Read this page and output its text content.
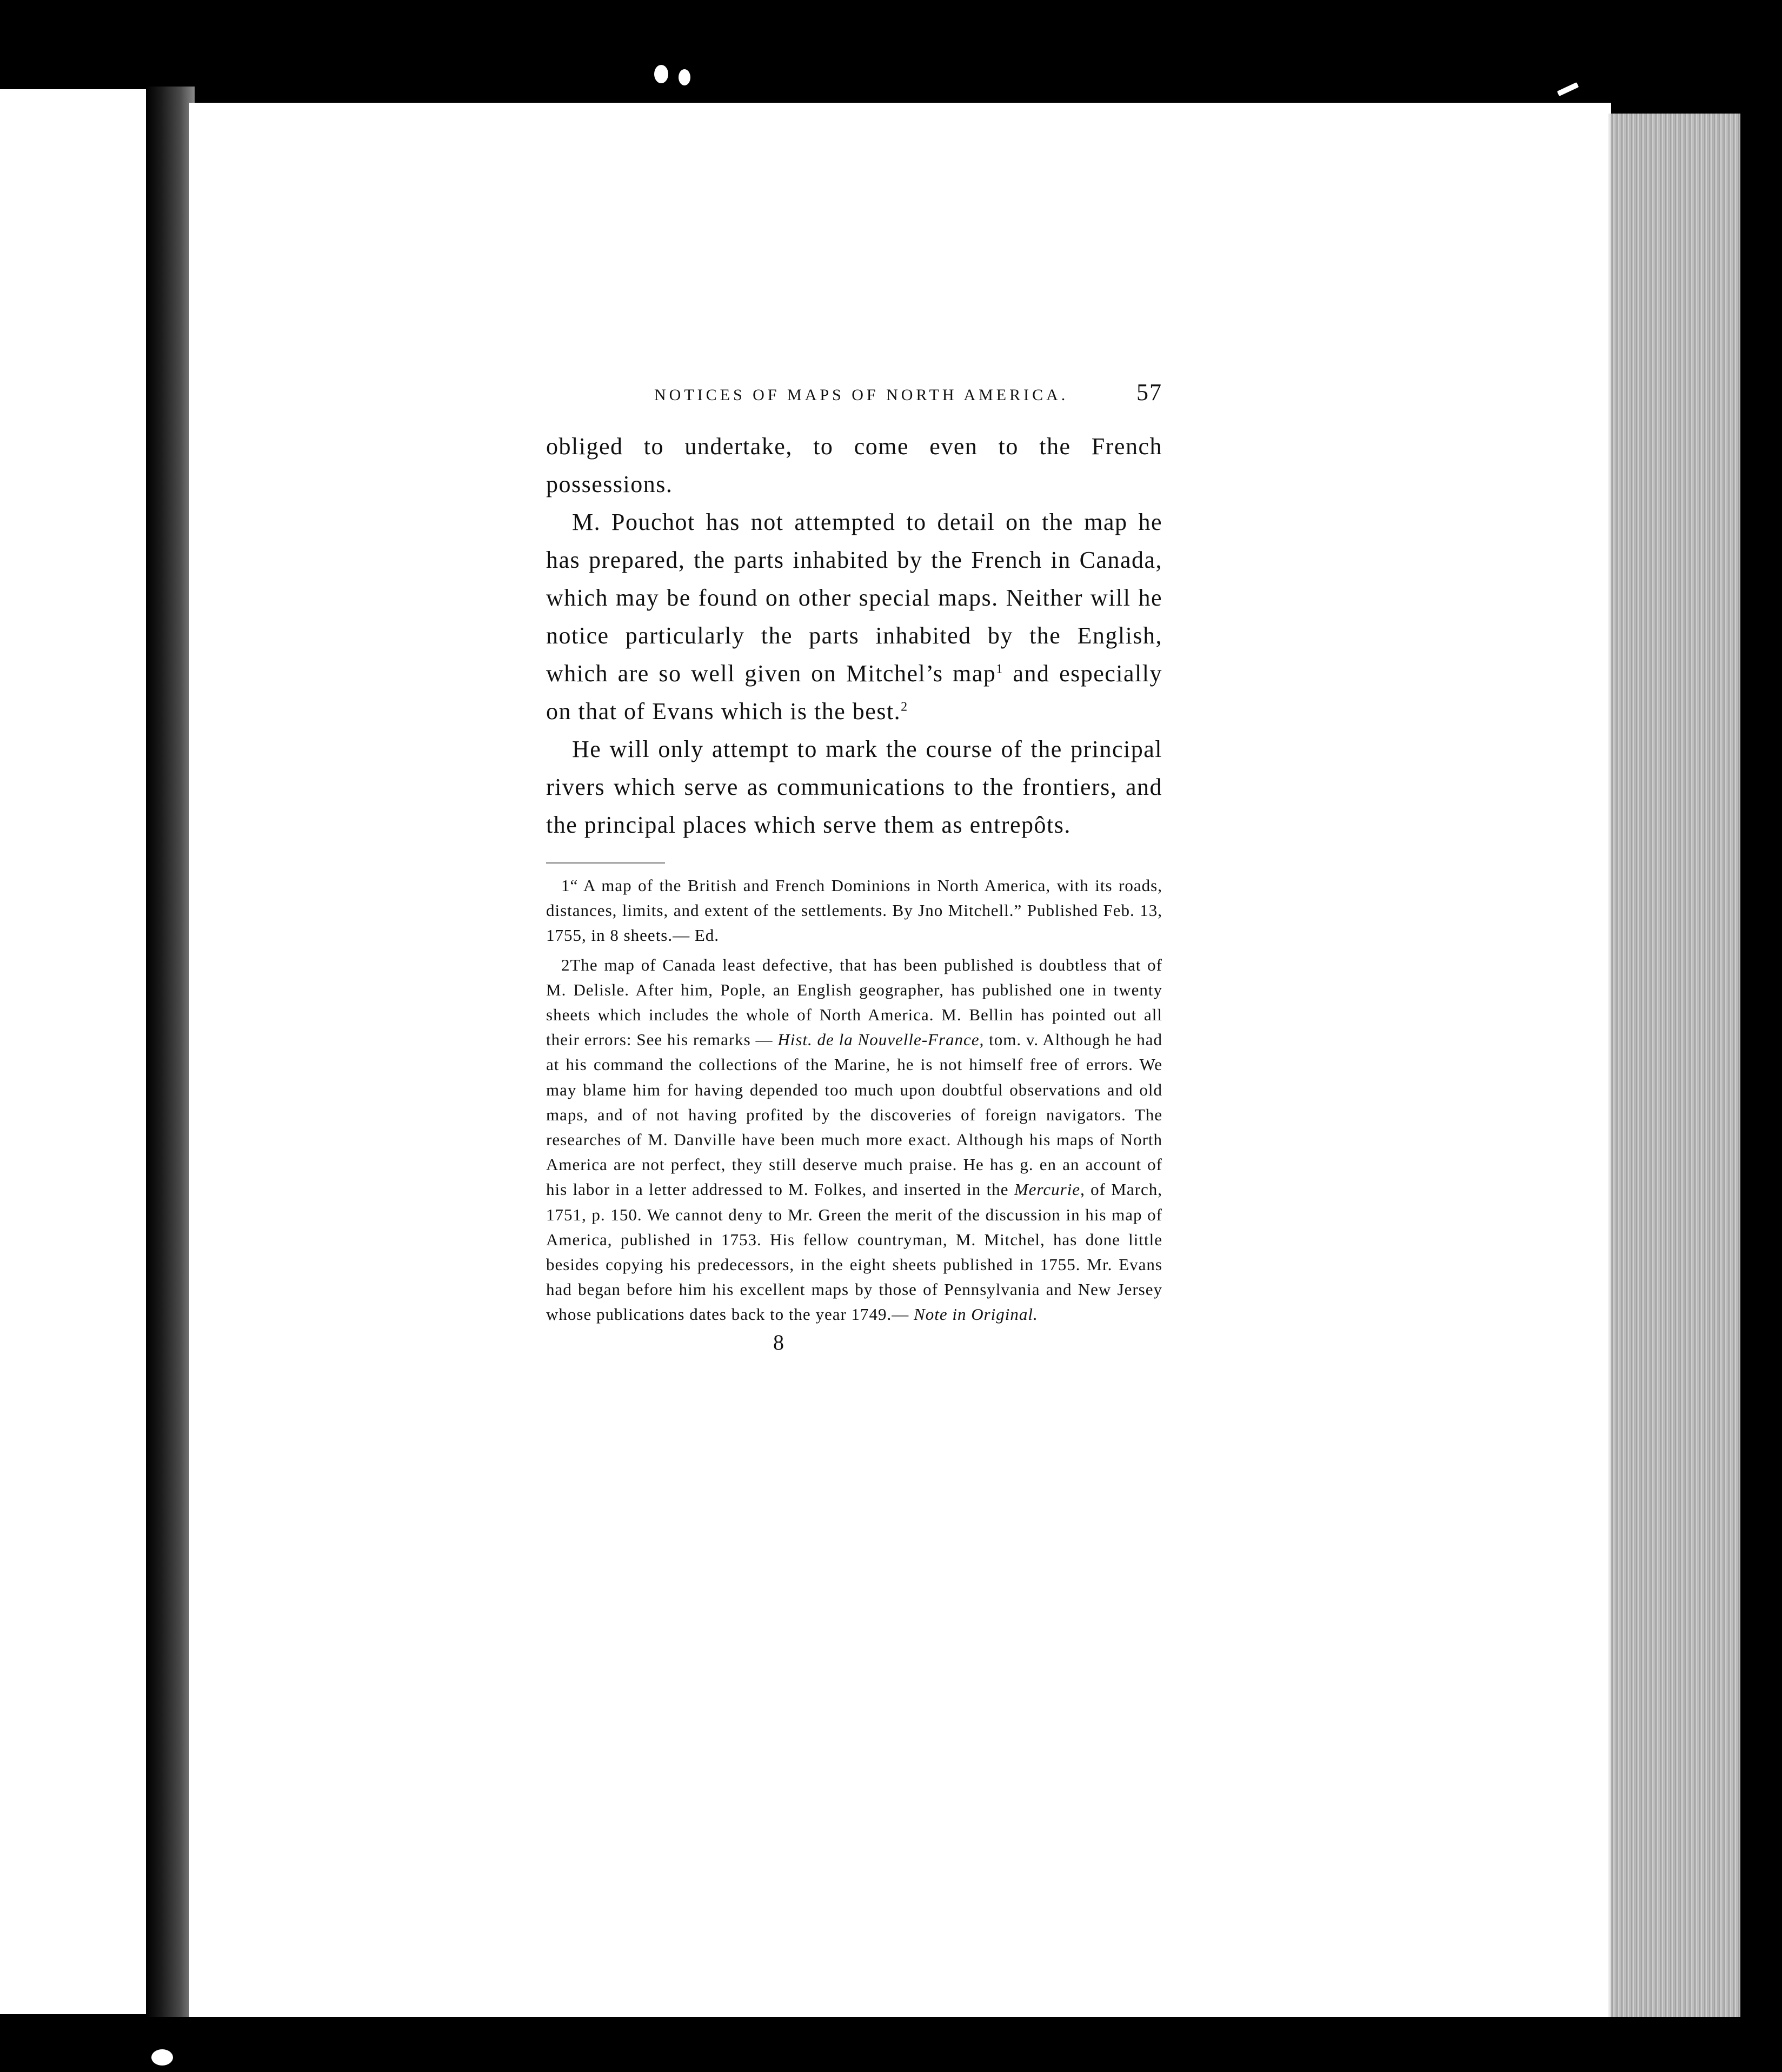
NOTICES OF MAPS OF NORTH AMERICA.	57

obliged to undertake, to come even to the French possessions.

M. Pouchot has not attempted to detail on the map he has prepared, the parts inhabited by the French in Canada, which may be found on other special maps. Neither will he notice particularly the parts inhabited by the English, which are so well given on Mitchel’s map$^1$ and especially on that of Evans which is the best.$^2$

He will only attempt to mark the course of the principal rivers which serve as communications to the frontiers, and the principal places which serve them as entrepôts.

1“ A map of the British and French Dominions in North America, with its roads, distances, limits, and extent of the settlements. By Jno Mitchell.” Published Feb. 13, 1755, in 8 sheets.— Ed.

2The map of Canada least defective, that has been published is doubtless that of M. Delisle. After him, Pople, an English geographer, has published one in twenty sheets which includes the whole of North America. M. Bellin has pointed out all their errors: See his remarks — Hist. de la Nouvelle-France, tom. v. Although he had at his command the collections of the Marine, he is not himself free of errors. We may blame him for having depended too much upon doubtful observations and old maps, and of not having profited by the discoveries of foreign navigators. The researches of M. Danville have been much more exact. Although his maps of North America are not perfect, they still deserve much praise. He has g. en an account of his labor in a letter addressed to M. Folkes, and inserted in the Mercurie, of March, 1751, p. 150. We cannot deny to Mr. Green the merit of the discussion in his map of America, published in 1753. His fellow countryman, M. Mitchel, has done little besides copying his predecessors, in the eight sheets published in 1755. Mr. Evans had began before him his excellent maps by those of Pennsylvania and New Jersey whose publications dates back to the year 1749.— Note in Original.

8
